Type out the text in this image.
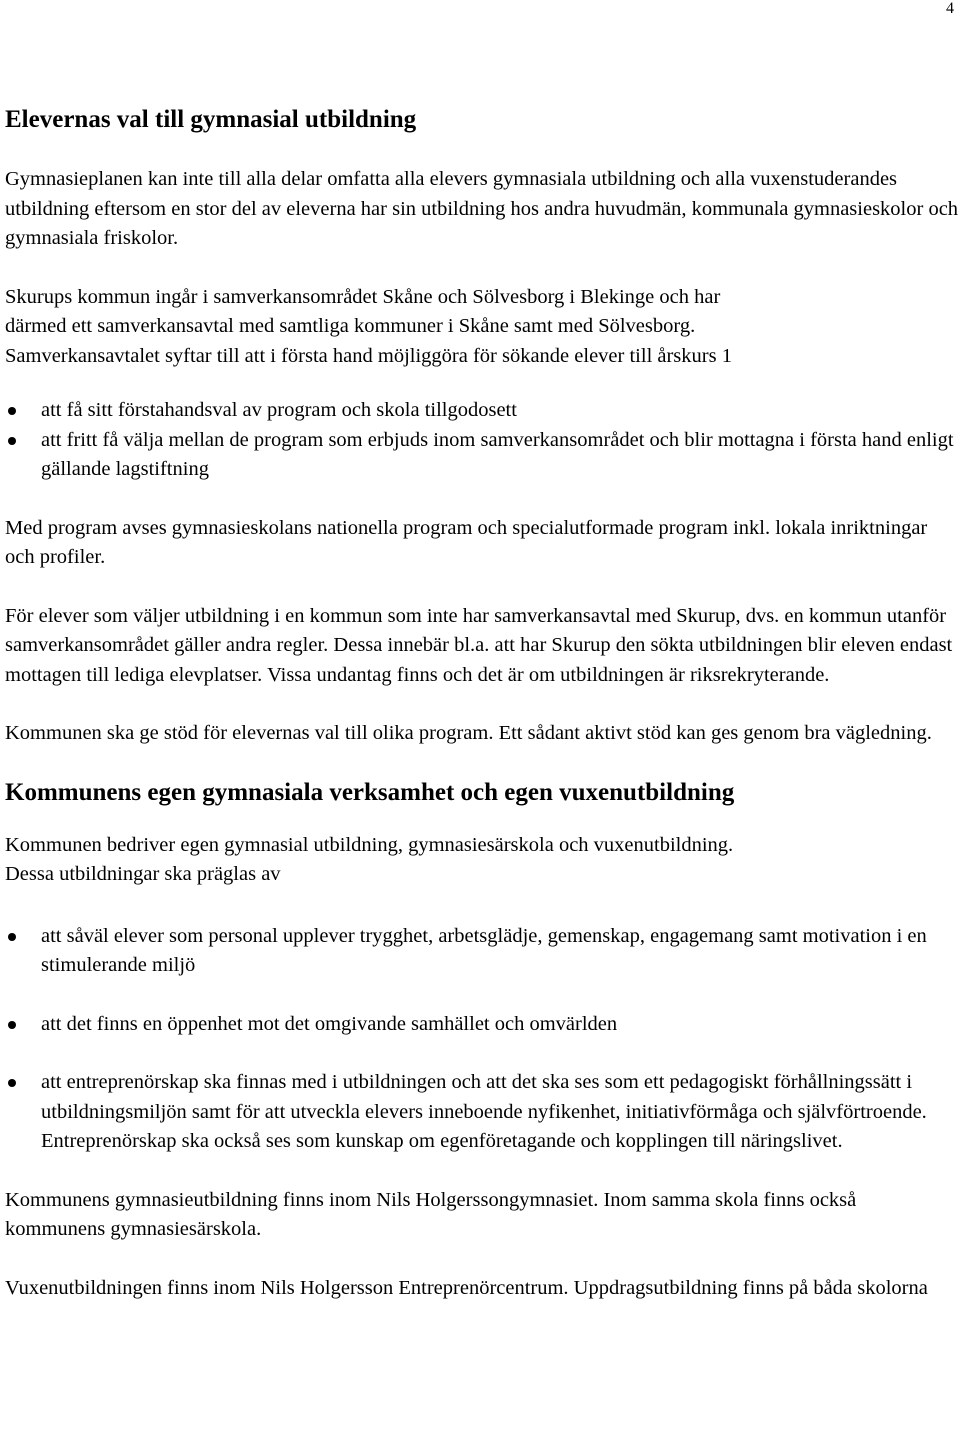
4
Elevernas val till gymnasial utbildning

Gymnasieplanen kan inte till alla delar omfatta alla elevers gymnasiala utbildning och alla vuxenstuderandes utbildning eftersom en stor del av eleverna har sin utbildning hos andra huvudmän, kommunala gymnasieskolor och gymnasiala friskolor.

Skurups kommun ingår i samverkansområdet Skåne och Sölvesborg i Blekinge och har
därmed ett samverkansavtal med samtliga kommuner i Skåne samt med Sölvesborg.
Samverkansavtalet syftar till att i första hand möjliggöra för sökande elever till årskurs 1

att få sitt förstahandsval av program och skola tillgodosett
att fritt få välja mellan de program som erbjuds inom samverkansområdet och blir mottagna i första hand enligt gällande lagstiftning

Med program avses gymnasieskolans nationella program och specialutformade program inkl. lokala inriktningar och profiler.

För elever som väljer utbildning i en kommun som inte har samverkansavtal med Skurup, dvs. en kommun utanför samverkansområdet gäller andra regler. Dessa innebär bl.a. att har Skurup den sökta utbildningen blir eleven endast mottagen till lediga elevplatser. Vissa undantag finns och det är om utbildningen är riksrekryterande.

Kommunen ska ge stöd för elevernas val till olika program. Ett sådant aktivt stöd kan ges genom bra vägledning.

Kommunens egen gymnasiala verksamhet och egen vuxenutbildning

Kommunen bedriver egen gymnasial utbildning, gymnasiesärskola och vuxenutbildning.
Dessa utbildningar ska präglas av

att såväl elever som personal upplever trygghet, arbetsglädje, gemenskap, engagemang samt motivation i en stimulerande miljö
att det finns en öppenhet mot det omgivande samhället och omvärlden
att entreprenörskap ska finnas med i utbildningen och att det ska ses som ett pedagogiskt förhållningssätt i utbildningsmiljön samt för att utveckla elevers inneboende nyfikenhet, initiativförmåga och självförtroende. Entreprenörskap ska också ses som kunskap om egenföretagande och kopplingen till näringslivet.

Kommunens gymnasieutbildning finns inom Nils Holgerssongymnasiet. Inom samma skola finns också kommunens gymnasiesärskola.

Vuxenutbildningen finns inom Nils Holgersson Entreprenörcentrum. Uppdragsutbildning finns på båda skolorna
